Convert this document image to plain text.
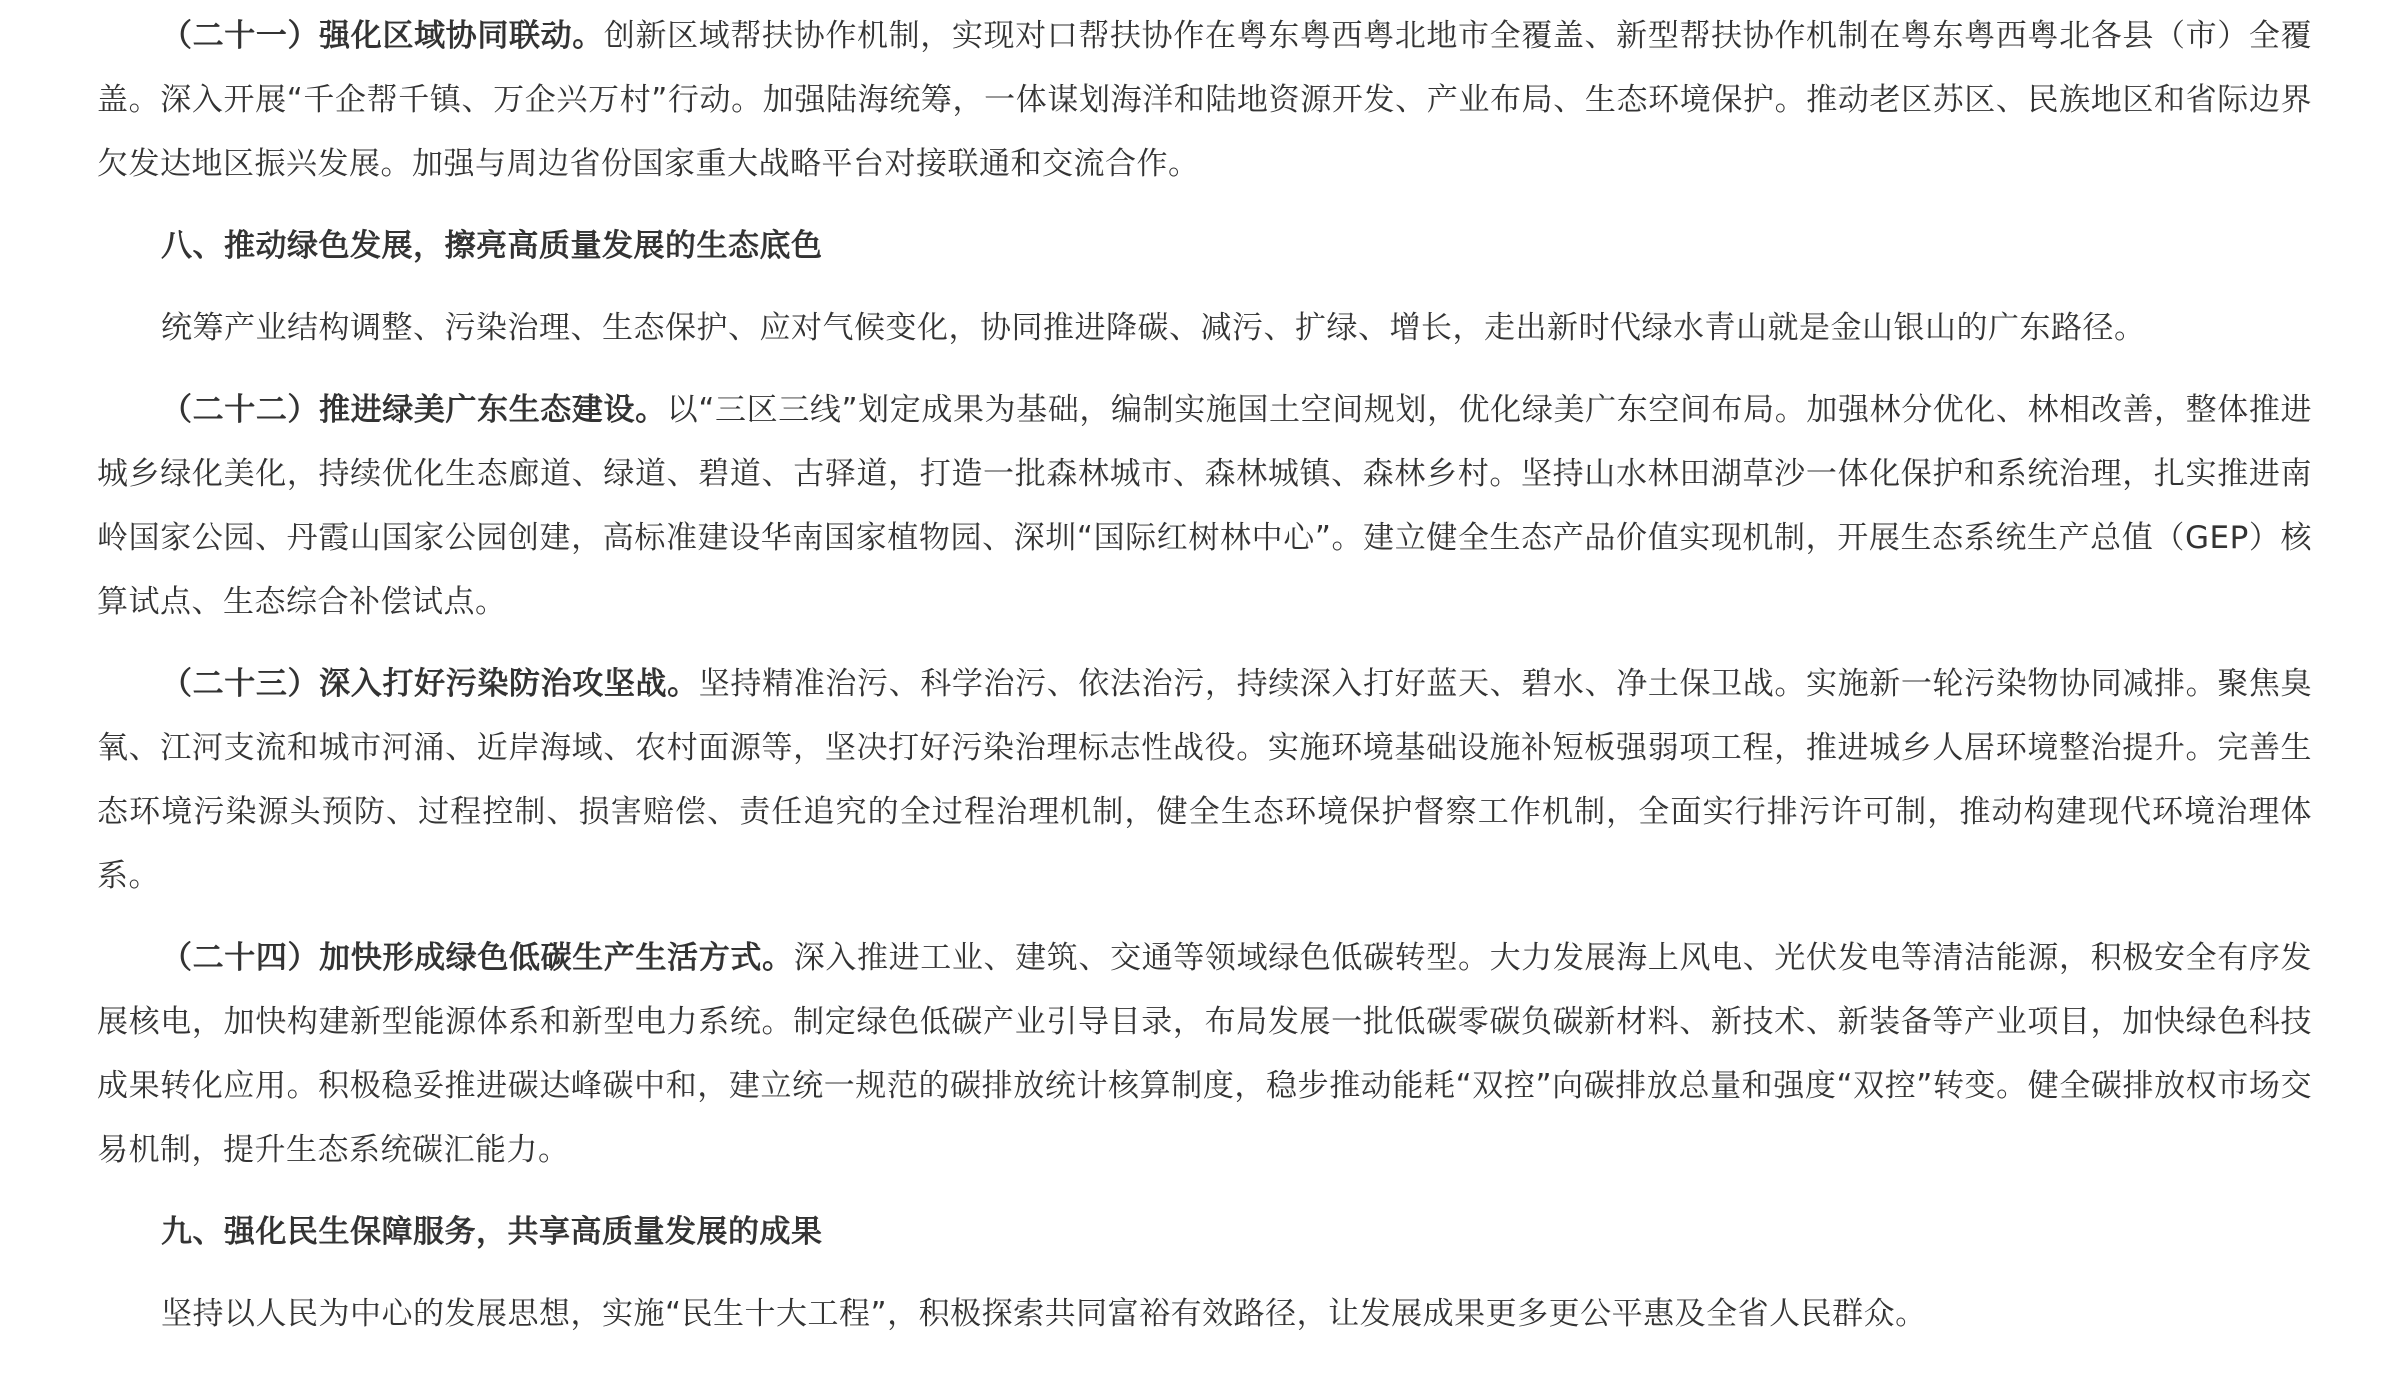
（二十一）强化区域协同联动。创新区域帮扶协作机制，实现对口帮扶协作在粤东粤西粤北地市全覆盖、新型帮扶协作机制在粤东粤西粤北各县（市）全覆盖。深入开展“千企帮千镇、万企兴万村”行动。加强陆海统筹，一体谋划海洋和陆地资源开发、产业布局、生态环境保护。推动老区苏区、民族地区和省际边界欠发达地区振兴发展。加强与周边省份国家重大战略平台对接联通和交流合作。

八、推动绿色发展，擦亮高质量发展的生态底色

统筹产业结构调整、污染治理、生态保护、应对气候变化，协同推进降碳、减污、扩绿、增长，走出新时代绿水青山就是金山银山的广东路径。

（二十二）推进绿美广东生态建设。以“三区三线”划定成果为基础，编制实施国土空间规划，优化绿美广东空间布局。加强林分优化、林相改善，整体推进城乡绿化美化，持续优化生态廊道、绿道、碧道、古驿道，打造一批森林城市、森林城镇、森林乡村。坚持山水林田湖草沙一体化保护和系统治理，扎实推进南岭国家公园、丹霞山国家公园创建，高标准建设华南国家植物园、深圳“国际红树林中心”。建立健全生态产品价值实现机制，开展生态系统生产总值（GEP）核算试点、生态综合补偿试点。

（二十三）深入打好污染防治攻坚战。坚持精准治污、科学治污、依法治污，持续深入打好蓝天、碧水、净土保卫战。实施新一轮污染物协同减排。聚焦臭氧、江河支流和城市河涌、近岸海域、农村面源等，坚决打好污染治理标志性战役。实施环境基础设施补短板强弱项工程，推进城乡人居环境整治提升。完善生态环境污染源头预防、过程控制、损害赔偿、责任追究的全过程治理机制，健全生态环境保护督察工作机制，全面实行排污许可制，推动构建现代环境治理体系。

（二十四）加快形成绿色低碳生产生活方式。深入推进工业、建筑、交通等领域绿色低碳转型。大力发展海上风电、光伏发电等清洁能源，积极安全有序发展核电，加快构建新型能源体系和新型电力系统。制定绿色低碳产业引导目录，布局发展一批低碳零碳负碳新材料、新技术、新装备等产业项目，加快绿色科技成果转化应用。积极稳妥推进碳达峰碳中和，建立统一规范的碳排放统计核算制度，稳步推动能耗“双控”向碳排放总量和强度“双控”转变。健全碳排放权市场交易机制，提升生态系统碳汇能力。

九、强化民生保障服务，共享高质量发展的成果

坚持以人民为中心的发展思想，实施“民生十大工程”，积极探索共同富裕有效路径，让发展成果更多更公平惠及全省人民群众。
